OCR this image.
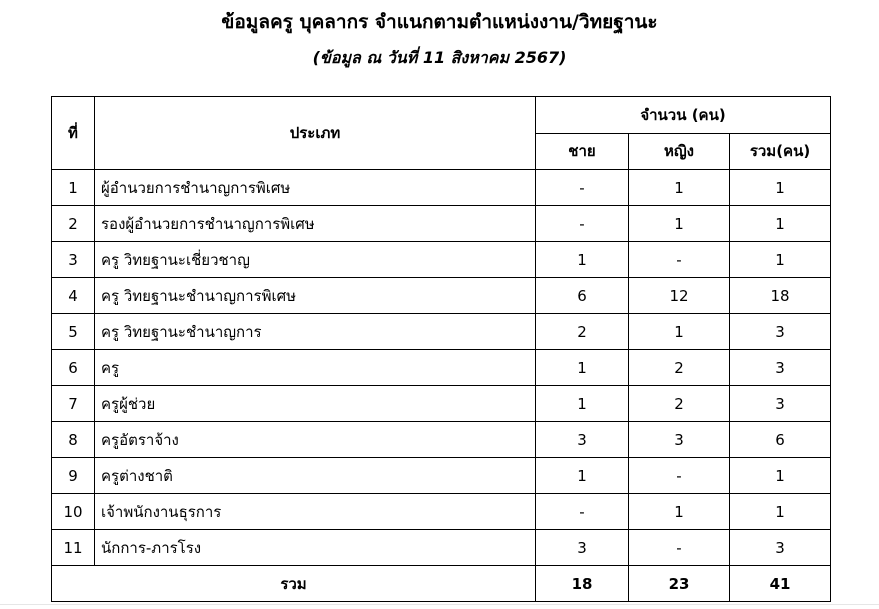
ข้อมูลครู บุคลากร จำแนกตามตำแหน่งงาน/วิทยฐานะ
(ข้อมูล ณ วันที่ 11 สิงหาคม 2567)
ที่	ประเภท	จำนวน (คน)		
		ชาย	หญิง	รวม(คน)
1	ผู้อำนวยการชำนาญการพิเศษ	-	1	1
2	รองผู้อำนวยการชำนาญการพิเศษ	-	1	1
3	ครู วิทยฐานะเชี่ยวชาญ	1	-	1
4	ครู วิทยฐานะชำนาญการพิเศษ	6	12	18
5	ครู วิทยฐานะชำนาญการ	2	1	3
6	ครู	1	2	3
7	ครูผู้ช่วย	1	2	3
8	ครูอัตราจ้าง	3	3	6
9	ครูต่างชาติ	1	-	1
10	เจ้าพนักงานธุรการ	-	1	1
11	นักการ-ภารโรง	3	-	3
รวม		18	23	41
